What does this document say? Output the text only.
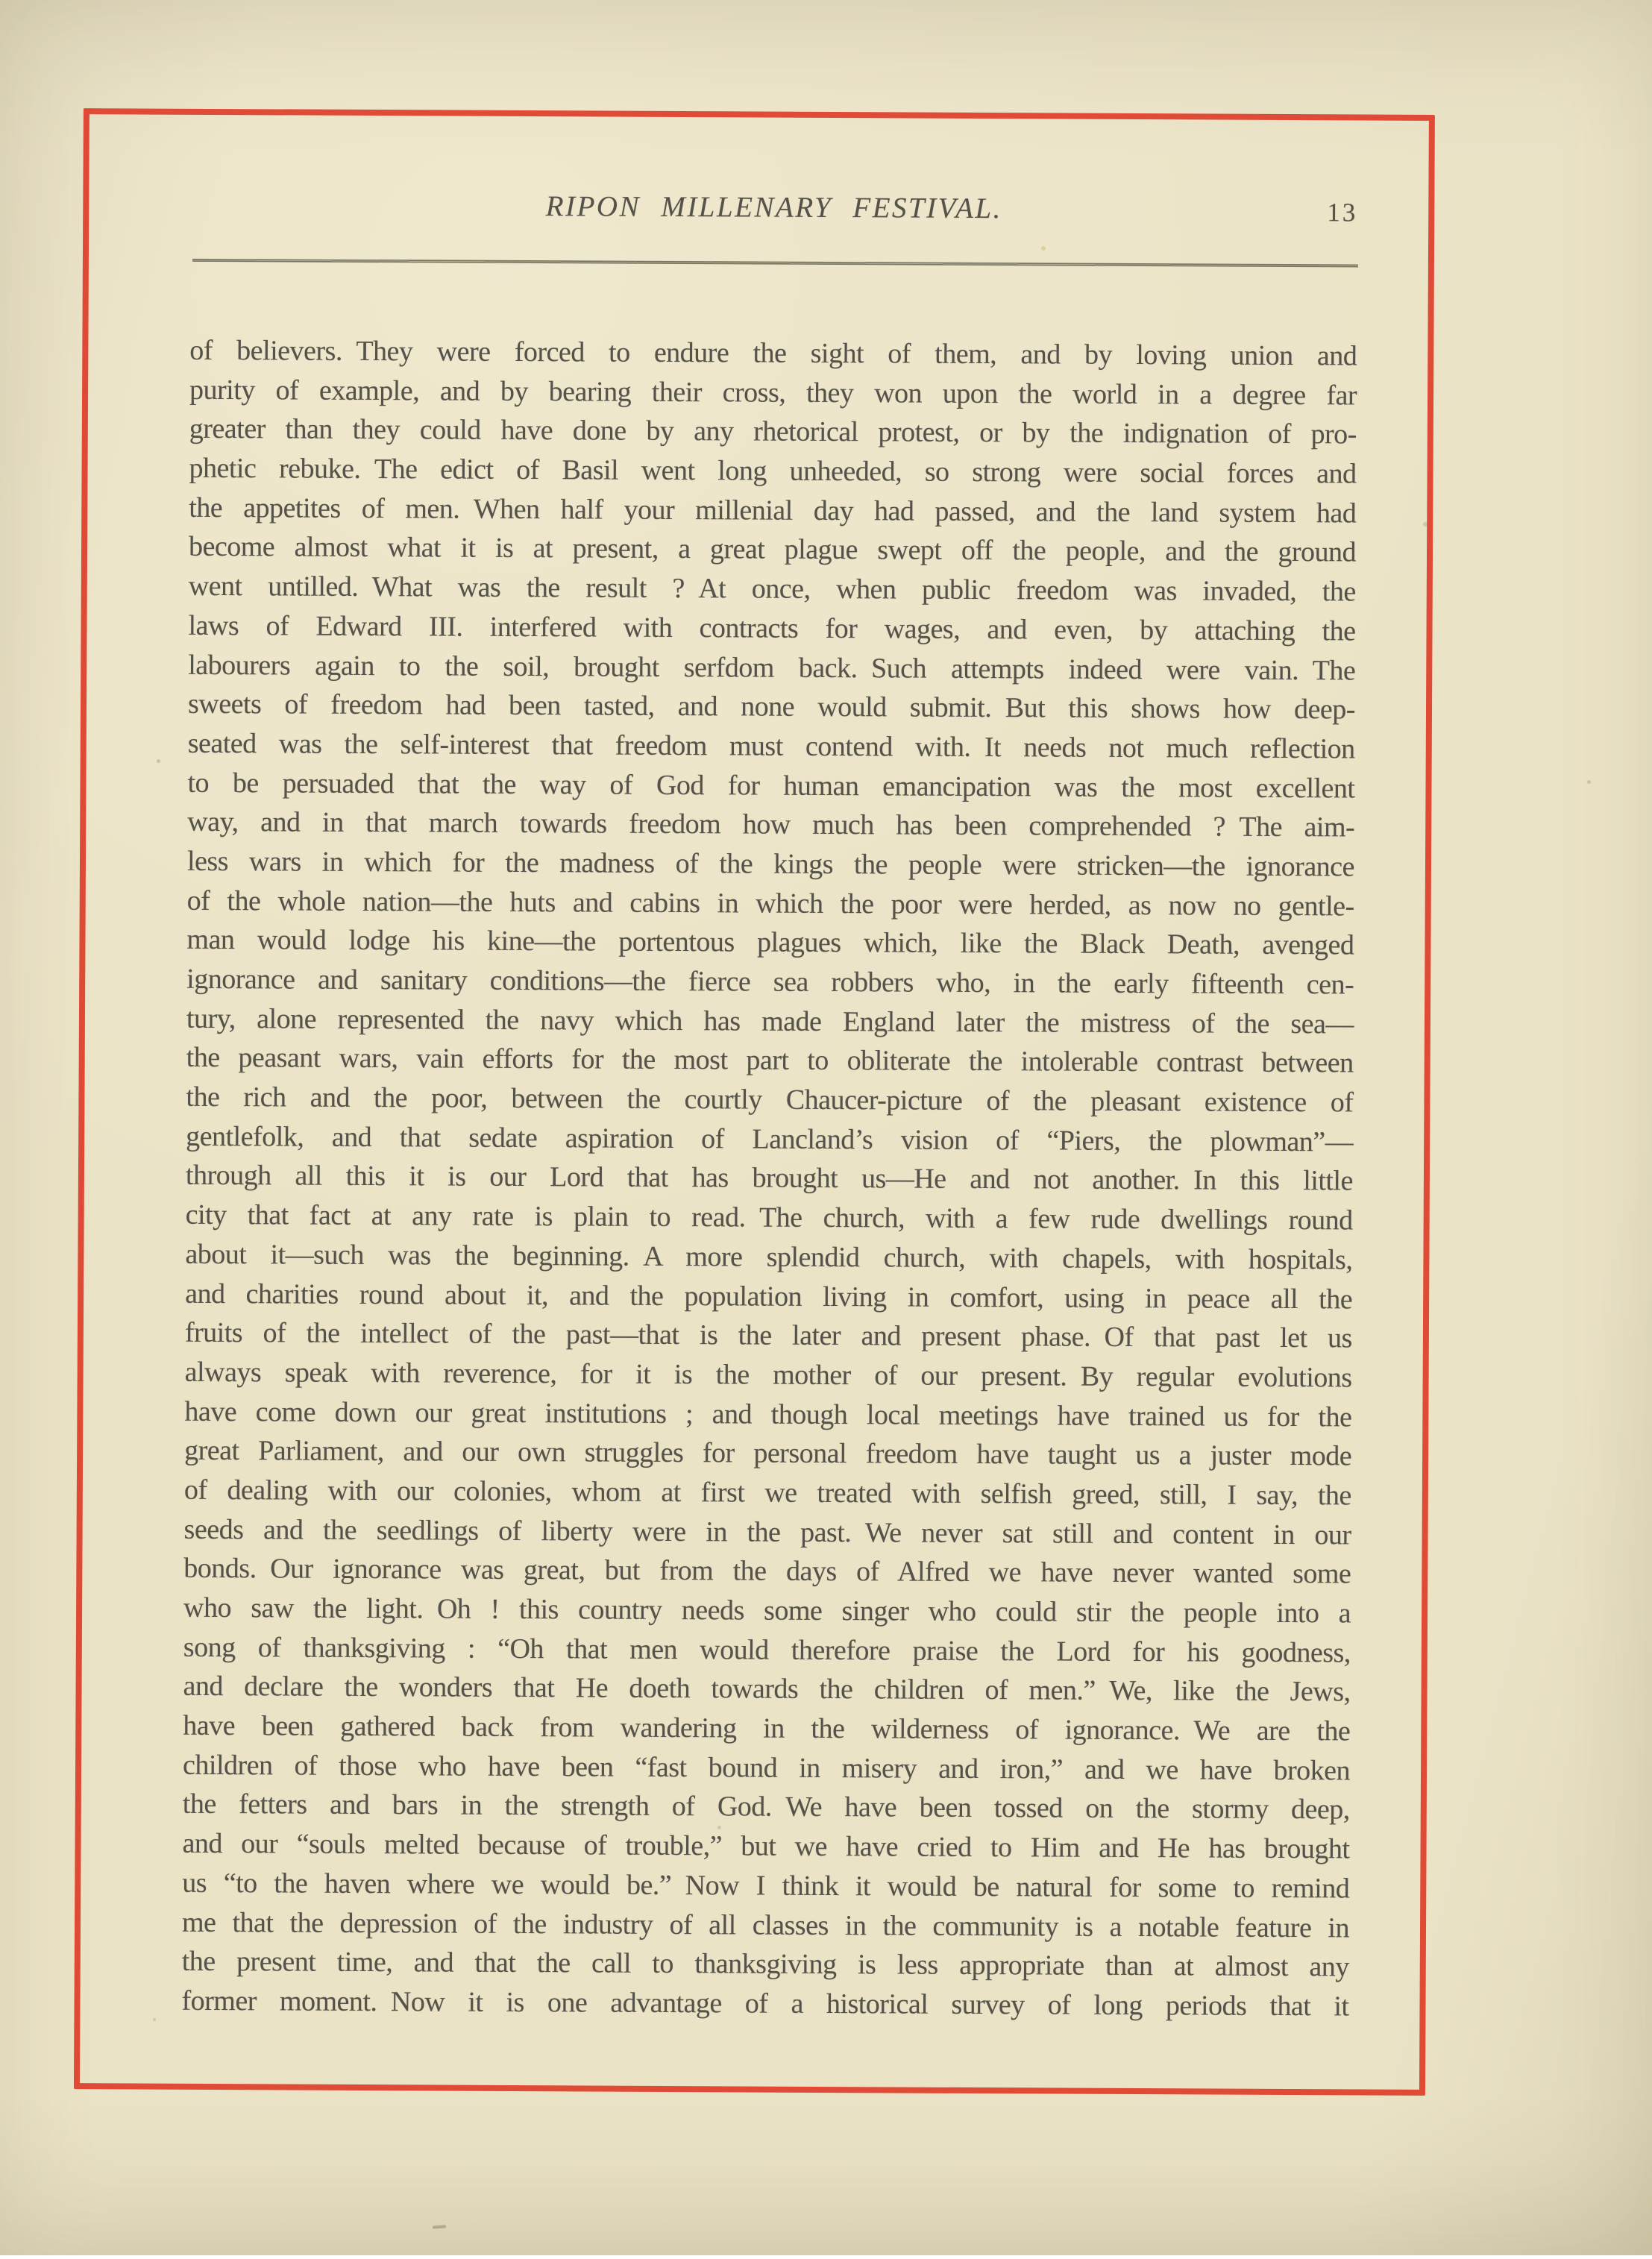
RIPON MILLENARY FESTIVAL.	13
of believers. They were forced to endure the sight of them, and by loving union and
purity of example, and by bearing their cross, they won upon the world in a degree far
greater than they could have done by any rhetorical protest, or by the indignation of pro-
phetic rebuke. The edict of Basil went long unheeded, so strong were social forces and
the appetites of men. When half your millenial day had passed, and the land system had
become almost what it is at present, a great plague swept off the people, and the ground
went untilled. What was the result ? At once, when public freedom was invaded, the
laws of Edward III. interfered with contracts for wages, and even, by attaching the
labourers again to the soil, brought serfdom back. Such attempts indeed were vain. The
sweets of freedom had been tasted, and none would submit. But this shows how deep-
seated was the self-interest that freedom must contend with. It needs not much reflection
to be persuaded that the way of God for human emancipation was the most excellent
way, and in that march towards freedom how much has been comprehended ? The aim-
less wars in which for the madness of the kings the people were stricken—the ignorance
of the whole nation—the huts and cabins in which the poor were herded, as now no gentle-
man would lodge his kine—the portentous plagues which, like the Black Death, avenged
ignorance and sanitary conditions—the fierce sea robbers who, in the early fifteenth cen-
tury, alone represented the navy which has made England later the mistress of the sea—
the peasant wars, vain efforts for the most part to obliterate the intolerable contrast between
the rich and the poor, between the courtly Chaucer-picture of the pleasant existence of
gentlefolk, and that sedate aspiration of Lancland’s vision of “Piers, the plowman”—
through all this it is our Lord that has brought us—He and not another. In this little
city that fact at any rate is plain to read. The church, with a few rude dwellings round
about it—such was the beginning. A more splendid church, with chapels, with hospitals,
and charities round about it, and the population living in comfort, using in peace all the
fruits of the intellect of the past—that is the later and present phase. Of that past let us
always speak with reverence, for it is the mother of our present. By regular evolutions
have come down our great institutions ; and though local meetings have trained us for the
great Parliament, and our own struggles for personal freedom have taught us a juster mode
of dealing with our colonies, whom at first we treated with selfish greed, still, I say, the
seeds and the seedlings of liberty were in the past. We never sat still and content in our
bonds. Our ignorance was great, but from the days of Alfred we have never wanted some
who saw the light. Oh ! this country needs some singer who could stir the people into a
song of thanksgiving : “Oh that men would therefore praise the Lord for his goodness,
and declare the wonders that He doeth towards the children of men.” We, like the Jews,
have been gathered back from wandering in the wilderness of ignorance. We are the
children of those who have been “fast bound in misery and iron,” and we have broken
the fetters and bars in the strength of God. We have been tossed on the stormy deep,
and our “souls melted because of trouble,” but we have cried to Him and He has brought
us “to the haven where we would be.” Now I think it would be natural for some to remind
me that the depression of the industry of all classes in the community is a notable feature in
the present time, and that the call to thanksgiving is less appropriate than at almost any
former moment. Now it is one advantage of a historical survey of long periods that it
